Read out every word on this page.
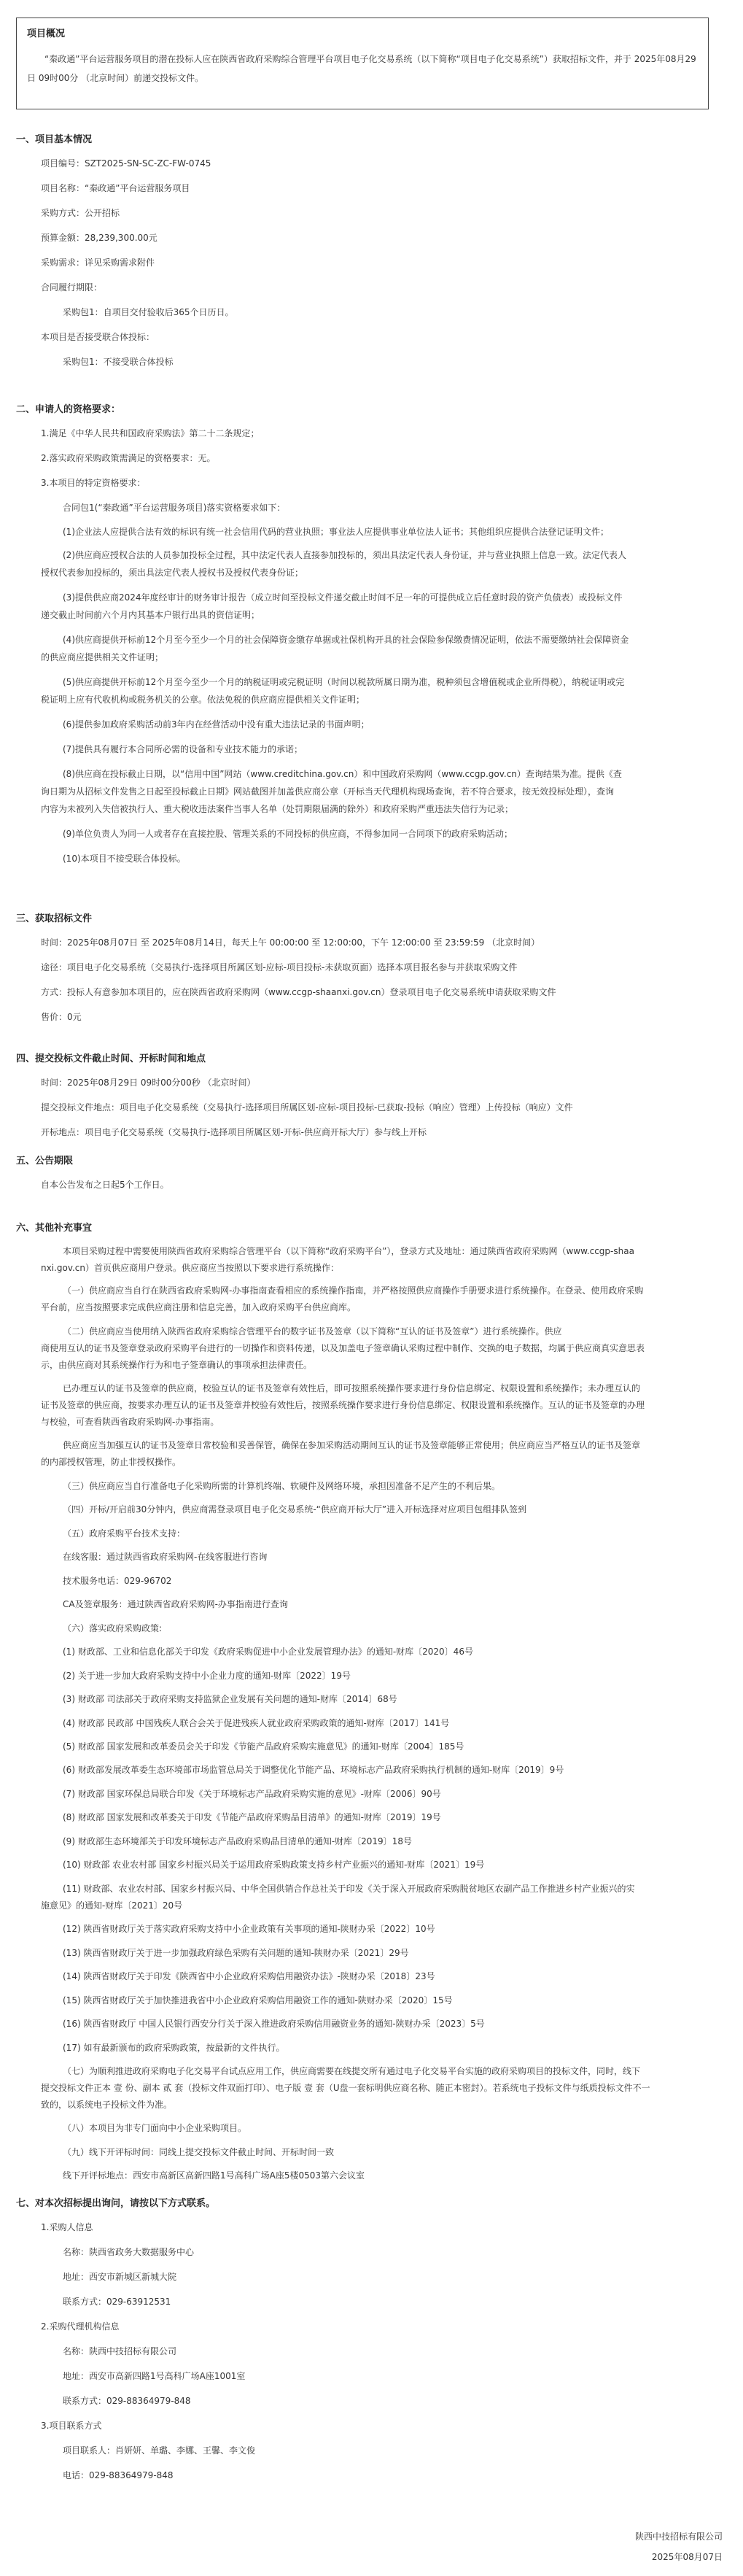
项目概况
“秦政通”平台运营服务项目的潜在投标人应在陕西省政府采购综合管理平台项目电子化交易系统（以下简称“项目电子化交易系统”）获取招标文件，并于 2025年08月29日 09时00分 （北京时间）前递交投标文件。
一、项目基本情况
项目编号：SZT2025-SN-SC-ZC-FW-0745
项目名称：“秦政通”平台运营服务项目
采购方式：公开招标
预算金额：28,239,300.00元
采购需求：详见采购需求附件
合同履行期限：
采购包1：自项目交付验收后365个日历日。
本项目是否接受联合体投标：
采购包1：不接受联合体投标
二、申请人的资格要求：
1.满足《中华人民共和国政府采购法》第二十二条规定；
2.落实政府采购政策需满足的资格要求：无。
3.本项目的特定资格要求：
合同包1(“秦政通”平台运营服务项目)落实资格要求如下：
(1)企业法人应提供合法有效的标识有统一社会信用代码的营业执照；事业法人应提供事业单位法人证书；其他组织应提供合法登记证明文件；
(2)供应商应授权合法的人员参加投标全过程，其中法定代表人直接参加投标的，须出具法定代表人身份证，并与营业执照上信息一致。法定代表人
授权代表参加投标的，须出具法定代表人授权书及授权代表身份证；
(3)提供供应商2024年度经审计的财务审计报告（成立时间至投标文件递交截止时间不足一年的可提供成立后任意时段的资产负债表）或投标文件
递交截止时间前六个月内其基本户银行出具的资信证明；
(4)供应商提供开标前12个月至今至少一个月的社会保障资金缴存单据或社保机构开具的社会保险参保缴费情况证明，依法不需要缴纳社会保障资金
的供应商应提供相关文件证明；
(5)供应商提供开标前12个月至今至少一个月的纳税证明或完税证明（时间以税款所属日期为准，税种须包含增值税或企业所得税），纳税证明或完
税证明上应有代收机构或税务机关的公章。依法免税的供应商应提供相关文件证明；
(6)提供参加政府采购活动前3年内在经营活动中没有重大违法记录的书面声明；
(7)提供具有履行本合同所必需的设备和专业技术能力的承诺；
(8)供应商在投标截止日期，以“信用中国”网站（www.creditchina.gov.cn）和中国政府采购网（www.ccgp.gov.cn）查询结果为准。提供《查
询日期为从招标文件发售之日起至投标截止日期》网站截图并加盖供应商公章（开标当天代理机构现场查询，若不符合要求，按无效投标处理），查询
内容为未被列入失信被执行人、重大税收违法案件当事人名单（处罚期限届满的除外）和政府采购严重违法失信行为记录；
(9)单位负责人为同一人或者存在直接控股、管理关系的不同投标的供应商，不得参加同一合同项下的政府采购活动；
(10)本项目不接受联合体投标。
三、获取招标文件
时间：2025年08月07日 至 2025年08月14日，每天上午 00:00:00 至 12:00:00，下午 12:00:00 至 23:59:59 （北京时间）
途径：项目电子化交易系统（交易执行-选择项目所属区划-应标-项目投标-未获取页面）选择本项目报名参与并获取采购文件
方式：投标人有意参加本项目的，应在陕西省政府采购网（www.ccgp-shaanxi.gov.cn）登录项目电子化交易系统申请获取采购文件
售价：0元
四、提交投标文件截止时间、开标时间和地点
时间：2025年08月29日 09时00分00秒 （北京时间）
提交投标文件地点：项目电子化交易系统（交易执行-选择项目所属区划-应标-项目投标-已获取-投标（响应）管理）上传投标（响应）文件
开标地点：项目电子化交易系统（交易执行-选择项目所属区划-开标-供应商开标大厅）参与线上开标
五、公告期限
自本公告发布之日起5个工作日。
六、其他补充事宜
本项目采购过程中需要使用陕西省政府采购综合管理平台（以下简称“政府采购平台”），登录方式及地址：通过陕西省政府采购网（www.ccgp-shaa
nxi.gov.cn）首页供应商用户登录。供应商应当按照以下要求进行系统操作：
（一）供应商应当自行在陕西省政府采购网-办事指南查看相应的系统操作指南，并严格按照供应商操作手册要求进行系统操作。在登录、使用政府采购
平台前，应当按照要求完成供应商注册和信息完善，加入政府采购平台供应商库。
（二）供应商应当使用纳入陕西省政府采购综合管理平台的数字证书及签章（以下简称“互认的证书及签章”）进行系统操作。供应
商使用互认的证书及签章登录政府采购平台进行的一切操作和资料传递，以及加盖电子签章确认采购过程中制作、交换的电子数据，均属于供应商真实意思表
示，由供应商对其系统操作行为和电子签章确认的事项承担法律责任。
已办理互认的证书及签章的供应商，校验互认的证书及签章有效性后，即可按照系统操作要求进行身份信息绑定、权限设置和系统操作；未办理互认的
证书及签章的供应商，按要求办理互认的证书及签章并校验有效性后，按照系统操作要求进行身份信息绑定、权限设置和系统操作。互认的证书及签章的办理
与校验，可查看陕西省政府采购网-办事指南。
供应商应当加强互认的证书及签章日常校验和妥善保管，确保在参加采购活动期间互认的证书及签章能够正常使用；供应商应当严格互认的证书及签章
的内部授权管理，防止非授权操作。
（三）供应商应当自行准备电子化采购所需的计算机终端、软硬件及网络环境，承担因准备不足产生的不利后果。
（四）开标/开启前30分钟内，供应商需登录项目电子化交易系统-“供应商开标大厅”进入开标选择对应项目包组排队签到
（五）政府采购平台技术支持：
在线客服：通过陕西省政府采购网-在线客服进行咨询
技术服务电话：029-96702
CA及签章服务：通过陕西省政府采购网-办事指南进行查询
（六）落实政府采购政策:
(1) 财政部、工业和信息化部关于印发《政府采购促进中小企业发展管理办法》的通知-财库〔2020〕46号
(2) 关于进一步加大政府采购支持中小企业力度的通知-财库〔2022〕19号
(3) 财政部 司法部关于政府采购支持监狱企业发展有关问题的通知-财库〔2014〕68号
(4) 财政部 民政部 中国残疾人联合会关于促进残疾人就业政府采购政策的通知-财库〔2017〕141号
(5) 财政部 国家发展和改革委员会关于印发《节能产品政府采购实施意见》的通知-财库〔2004〕185号
(6) 财政部发展改革委生态环境部市场监管总局关于调整优化节能产品、环境标志产品政府采购执行机制的通知-财库〔2019〕9号
(7) 财政部 国家环保总局联合印发《关于环境标志产品政府采购实施的意见》-财库〔2006〕90号
(8) 财政部 国家发展和改革委关于印发《节能产品政府采购品目清单》的通知-财库〔2019〕19号
(9) 财政部生态环境部关于印发环境标志产品政府采购品目清单的通知-财库〔2019〕18号
(10) 财政部 农业农村部 国家乡村振兴局关于运用政府采购政策支持乡村产业振兴的通知-财库〔2021〕19号
(11) 财政部、农业农村部、国家乡村振兴局、中华全国供销合作总社关于印发《关于深入开展政府采购脱贫地区农副产品工作推进乡村产业振兴的实
施意见》的通知-财库〔2021〕20号
(12) 陕西省财政厅关于落实政府采购支持中小企业政策有关事项的通知-陕财办采〔2022〕10号
(13) 陕西省财政厅关于进一步加强政府绿色采购有关问题的通知-陕财办采〔2021〕29号
(14) 陕西省财政厅关于印发《陕西省中小企业政府采购信用融资办法》-陕财办采〔2018〕23号
(15) 陕西省财政厅关于加快推进我省中小企业政府采购信用融资工作的通知-陕财办采〔2020〕15号
(16) 陕西省财政厅 中国人民银行西安分行关于深入推进政府采购信用融资业务的通知-陕财办采〔2023〕5号
(17) 如有最新颁布的政府采购政策，按最新的文件执行。
（七）为顺利推进政府采购电子化交易平台试点应用工作，供应商需要在线提交所有通过电子化交易平台实施的政府采购项目的投标文件，同时，线下
提交投标文件正本 壹 份、副本 贰 套（投标文件双面打印）、电子版 壹 套（U盘一套标明供应商名称、随正本密封）。若系统电子投标文件与纸质投标文件不一
致的，以系统电子投标文件为准。
（八）本项目为非专门面向中小企业采购项目。
（九）线下开评标时间：同线上提交投标文件截止时间、开标时间一致
线下开评标地点：西安市高新区高新四路1号高科广场A座5楼0503第六会议室
七、对本次招标提出询问，请按以下方式联系。
1.采购人信息
名称：陕西省政务大数据服务中心
地址：西安市新城区新城大院
联系方式：029-63912531
2.采购代理机构信息
名称：陕西中技招标有限公司
地址：西安市高新四路1号高科广场A座1001室
联系方式：029-88364979-848
3.项目联系方式
项目联系人：肖妍妍、单璐、李娜、王馨、李文俊
电话：029-88364979-848
陕西中技招标有限公司
2025年08月07日
